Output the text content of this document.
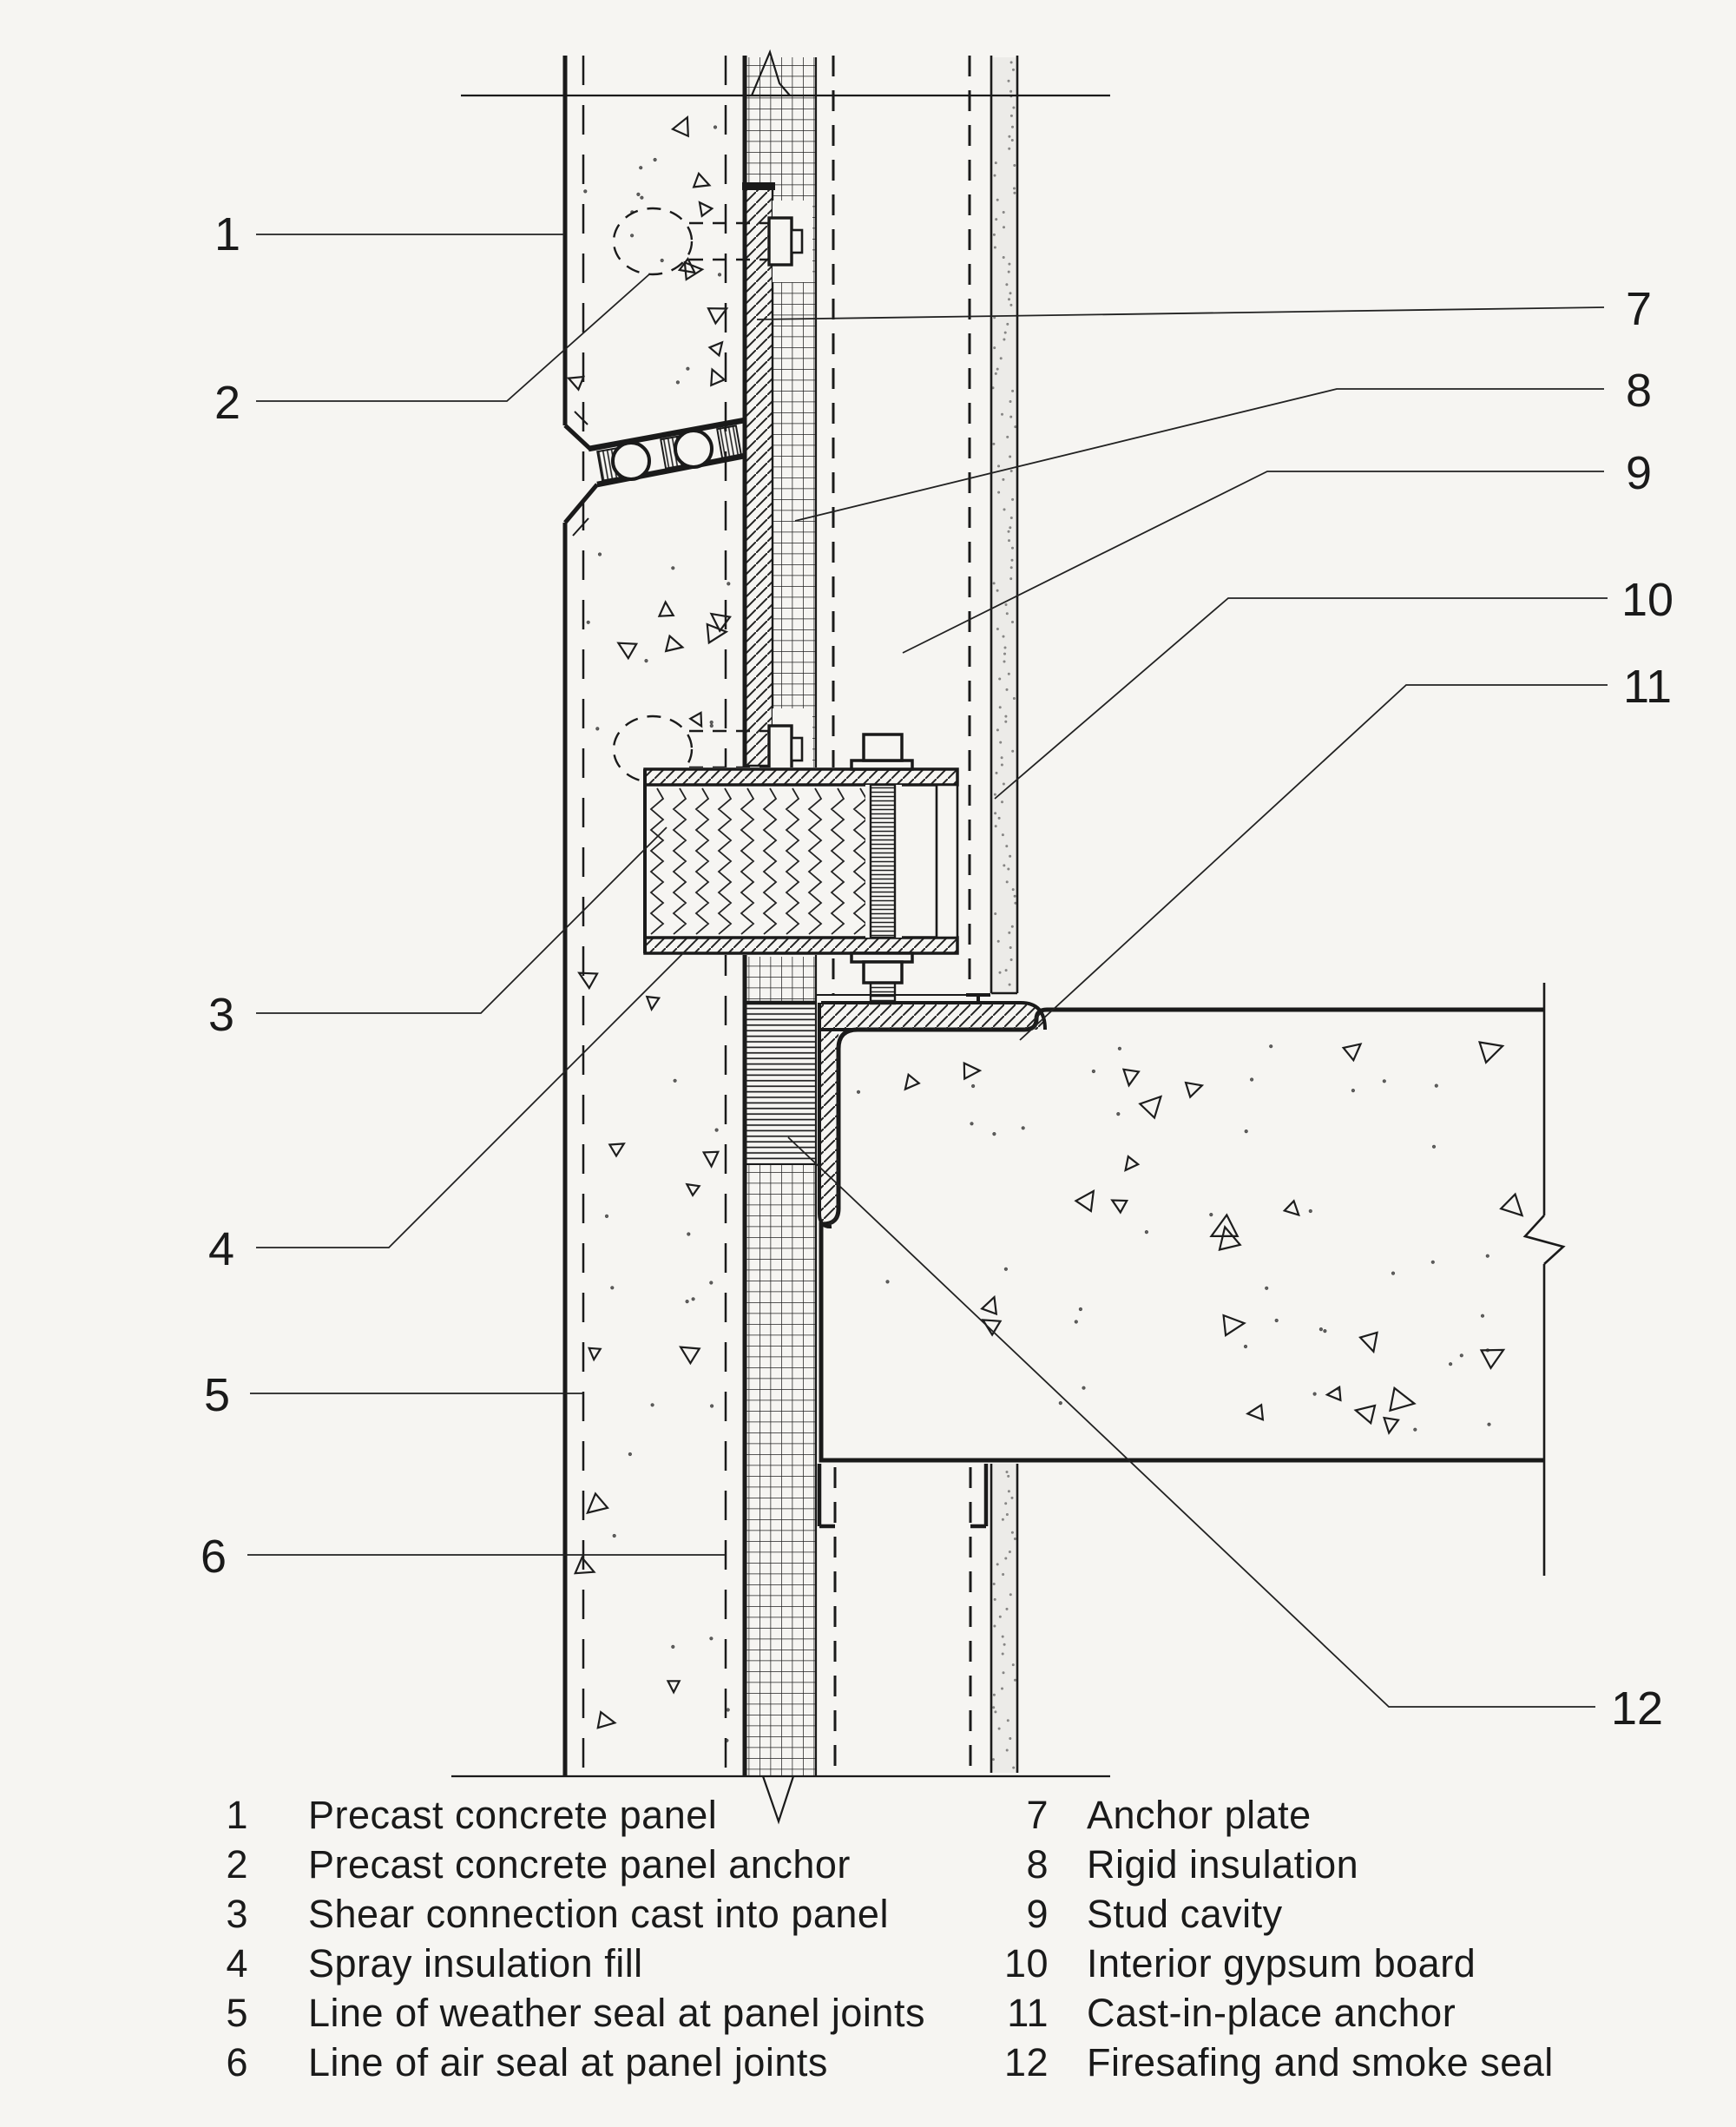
1
2
3
4
5
6
7
8
9
10
11
12
1 Precast concrete panel
2 Precast concrete panel anchor
3 Shear connection cast into panel
4 Spray insulation fill
5 Line of weather seal at panel joints
6 Line of air seal at panel joints
7 Anchor plate
8 Rigid insulation
9 Stud cavity
10 Interior gypsum board
11 Cast-in-place anchor
12 Firesafing and smoke seal
